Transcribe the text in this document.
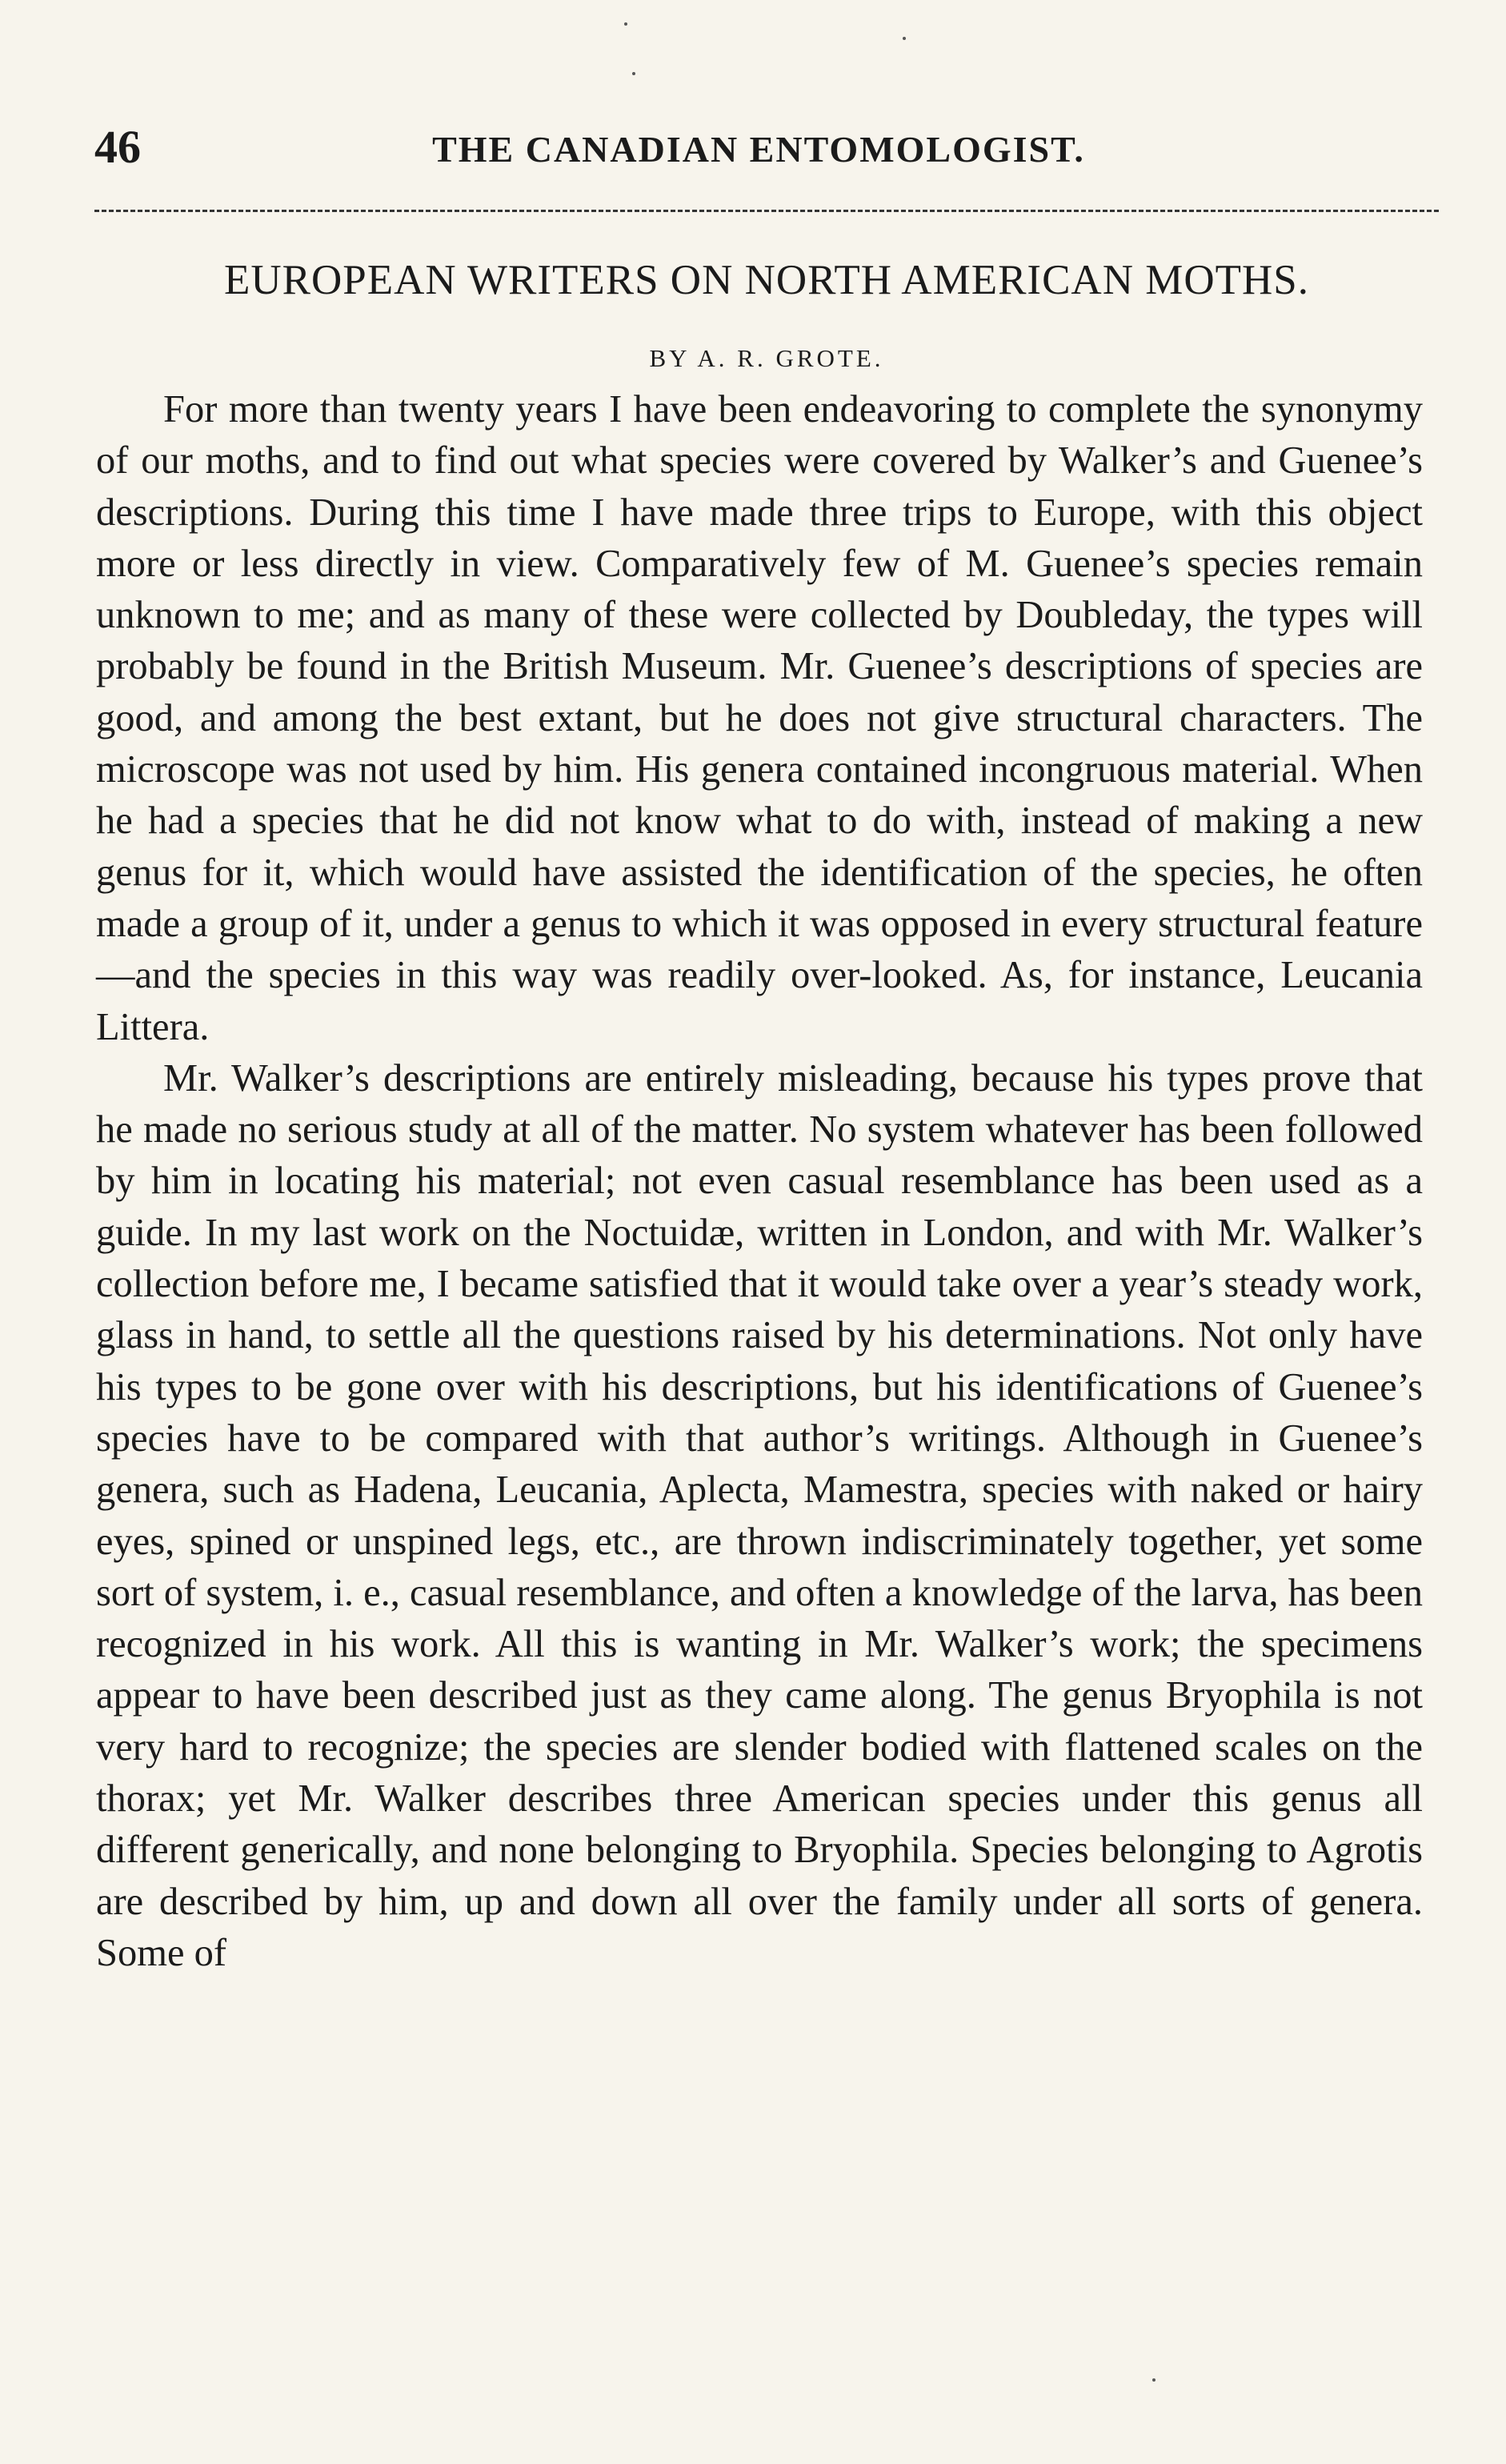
46	THE CANADIAN ENTOMOLOGIST.
EUROPEAN WRITERS ON NORTH AMERICAN MOTHS.
BY A. R. GROTE.

For more than twenty years I have been endeavoring to complete the synonymy of our moths, and to find out what species were covered by Walker’s and Guenee’s descriptions. During this time I have made three trips to Europe, with this object more or less directly in view. Comparatively few of M. Guenee’s species remain unknown to me; and as many of these were collected by Doubleday, the types will probably be found in the British Museum. Mr. Guenee’s descriptions of species are good, and among the best extant, but he does not give structural characters. The microscope was not used by him. His genera contained incongruous material. When he had a species that he did not know what to do with, instead of making a new genus for it, which would have assisted the identification of the species, he often made a group of it, under a genus to which it was opposed in every structural feature—and the species in this way was readily over-looked. As, for instance, Leucania Littera.

Mr. Walker’s descriptions are entirely misleading, because his types prove that he made no serious study at all of the matter. No system whatever has been followed by him in locating his material; not even casual resemblance has been used as a guide. In my last work on the Noctuidæ, written in London, and with Mr. Walker’s collection before me, I became satisfied that it would take over a year’s steady work, glass in hand, to settle all the questions raised by his determinations. Not only have his types to be gone over with his descriptions, but his identifications of Guenee’s species have to be compared with that author’s writings. Although in Guenee’s genera, such as Hadena, Leucania, Aplecta, Mamestra, species with naked or hairy eyes, spined or unspined legs, etc., are thrown indiscriminately together, yet some sort of system, i. e., casual resemblance, and often a knowledge of the larva, has been recognized in his work. All this is wanting in Mr. Walker’s work; the specimens appear to have been described just as they came along. The genus Bryophila is not very hard to recognize; the species are slender bodied with flattened scales on the thorax; yet Mr. Walker describes three American species under this genus all different generically, and none belonging to Bryophila. Species belonging to Agrotis are described by him, up and down all over the family under all sorts of genera. Some of
